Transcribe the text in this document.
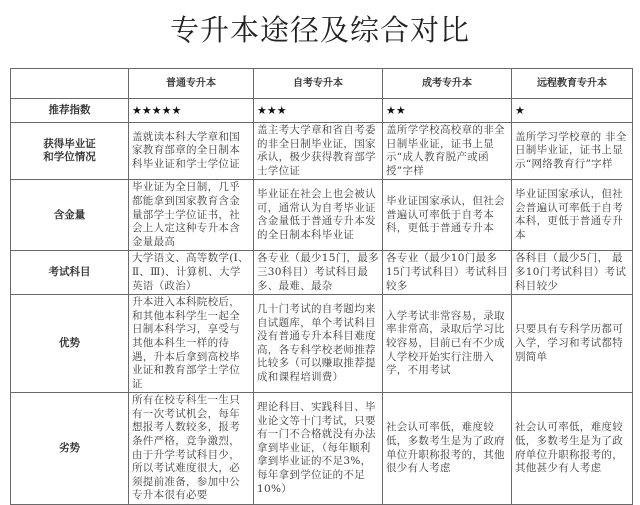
专升本途径及综合对比
	普通专升本	自考专升本	成考专升本	远程教育专升本
推荐指数	★★★★★	★★★	★★	★

获得毕业证
和学位情况	盖就读本科大学章和国家教育部章的全日制本科毕业证和学士学位证	盖主考大学章和省自考委的非全日制毕业证，国家承认，极少获得教育部学士学位证	盖所学学校高校章的非全日制毕业证，证书上显示“成人教育脱产或函授”字样	盖所学习学校章的 非全日制毕业证，证书上显示“网络教育行”字样
含金量	毕业证为全日制，几乎都能拿到国家教育含金量部学士学位证书，社会上人定这种专升本含金量最高	毕业证在社会上也会被认可，通常认为自考毕业证含金量低于普通专升本发的全日制本科毕业证	毕业证国家承认，但社会普遍认可率低于自考本科，更低于普通专升本	毕业证国家承认，但社会普遍认可率低于自考本科，更低于普通专升本
考试科目	大学语文、高等数学(Ⅰ、Ⅱ、Ⅲ)、计算机、大学英语（政治）	各专业（最少15门，最多三30科目）考试科目最多、最难、最杂	各专业（最少10门最多15门考试科目）考试科目较多	各科目（最少5门， 最多10门考试科目）考试科目较少
优势	升本进入本科院校后，和其他本科学生一起全日制本科学习，享受与其他本科生一样的待遇，升本后拿到高校毕业证和教育部学士学位证	几十门考试的自考题均来自试题库，单个考试科目没有普通专升本科目难度高，各专科学校老师推荐比较多（可以赚取推荐提成和课程培训费）	入学考试非常容易，录取率非常高，录取后学习比较容易，目前已有不少成人学校开始实行注册入学，不用考试	只要具有专科学历都可入学，学习和考试都特别简单
劣势	所有在校专科生一生只有一次考试机会，每年想报考人数较多，报考条件严格，竞争激烈，由于升学考试科目少，所以考试难度很大，必须提前准备，参加中公专升本很有必要	理论科目、实践科目、毕业论文等十门考试，只要有一门不合格就没有办法拿到毕业证，（每年顺利拿到毕业证的不足3%，每年拿到学位证的不足10%）	社会认可率低，难度较低，多数考生是为了政府单位升职称报考的，其他很少有人考虑	社会认可率低，难度较低，多数考生是为了政府单位升职称报考的，其他甚少有人考虑
